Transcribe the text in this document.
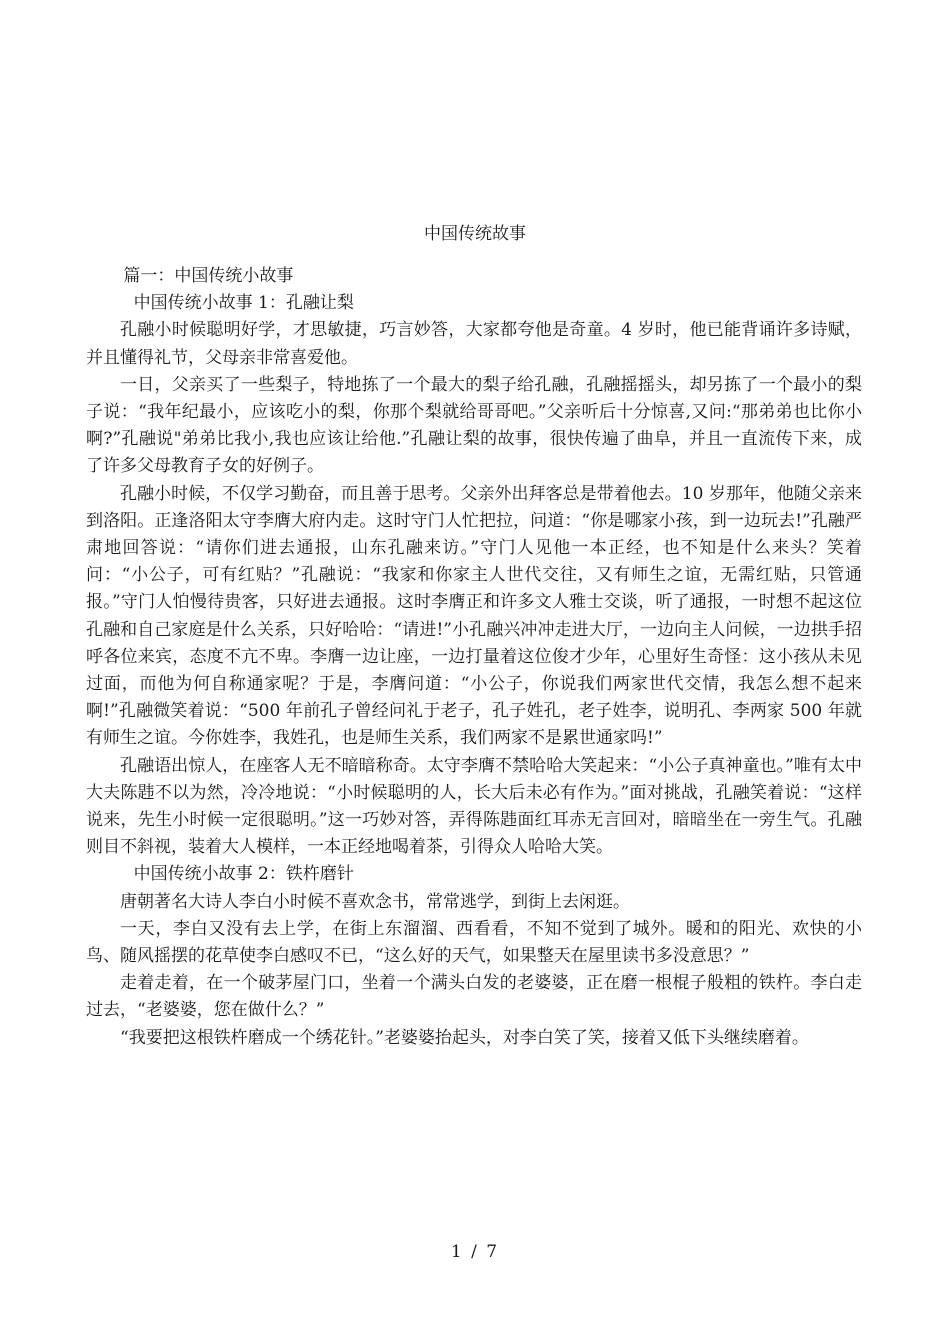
中国传统故事

篇一：中国传统小故事

中国传统小故事 1：孔融让梨

孔融小时候聪明好学，才思敏捷，巧言妙答，大家都夸他是奇童。4 岁时，他已能背诵许多诗赋，并且懂得礼节，父母亲非常喜爱他。

一日，父亲买了一些梨子，特地拣了一个最大的梨子给孔融，孔融摇摇头，却另拣了一个最小的梨子说：“我年纪最小，应该吃小的梨，你那个梨就给哥哥吧。”父亲听后十分惊喜,又问:“那弟弟也比你小啊?”孔融说"弟弟比我小,我也应该让给他.”孔融让梨的故事，很快传遍了曲阜，并且一直流传下来，成了许多父母教育子女的好例子。

孔融小时候，不仅学习勤奋，而且善于思考。父亲外出拜客总是带着他去。10 岁那年，他随父亲来到洛阳。正逢洛阳太守李膺大府内走。这时守门人忙把拉，问道：“你是哪家小孩，到一边玩去!”孔融严肃地回答说：“请你们进去通报，山东孔融来访。”守门人见他一本正经，也不知是什么来头？笑着问：“小公子，可有红贴？”孔融说：“我家和你家主人世代交往，又有师生之谊，无需红贴，只管通报。”守门人怕慢待贵客，只好进去通报。这时李膺正和许多文人雅士交谈，听了通报，一时想不起这位孔融和自己家庭是什么关系，只好哈哈：“请进!”小孔融兴冲冲走进大厅，一边向主人问候，一边拱手招呼各位来宾，态度不亢不卑。李膺一边让座，一边打量着这位俊才少年，心里好生奇怪：这小孩从未见过面，而他为何自称通家呢？于是，李膺问道：“小公子，你说我们两家世代交情，我怎么想不起来啊!”孔融微笑着说：“500 年前孔子曾经问礼于老子，孔子姓孔，老子姓李，说明孔、李两家 500 年就有师生之谊。今你姓李，我姓孔，也是师生关系，我们两家不是累世通家吗!”

孔融语出惊人，在座客人无不暗暗称奇。太守李膺不禁哈哈大笑起来：“小公子真神童也。”唯有太中大夫陈韪不以为然，冷冷地说：“小时候聪明的人，长大后未必有作为。”面对挑战，孔融笑着说：“这样说来，先生小时候一定很聪明。”这一巧妙对答，弄得陈韪面红耳赤无言回对，暗暗坐在一旁生气。孔融则目不斜视，装着大人模样，一本正经地喝着茶，引得众人哈哈大笑。

中国传统小故事 2：铁杵磨针

唐朝著名大诗人李白小时候不喜欢念书，常常逃学，到街上去闲逛。

一天，李白又没有去上学，在街上东溜溜、西看看，不知不觉到了城外。暖和的阳光、欢快的小鸟、随风摇摆的花草使李白感叹不已，“这么好的天气，如果整天在屋里读书多没意思？”

走着走着，在一个破茅屋门口，坐着一个满头白发的老婆婆，正在磨一根棍子般粗的铁杵。李白走过去，“老婆婆，您在做什么？”

“我要把这根铁杵磨成一个绣花针。”老婆婆抬起头，对李白笑了笑，接着又低下头继续磨着。

1 / 7
